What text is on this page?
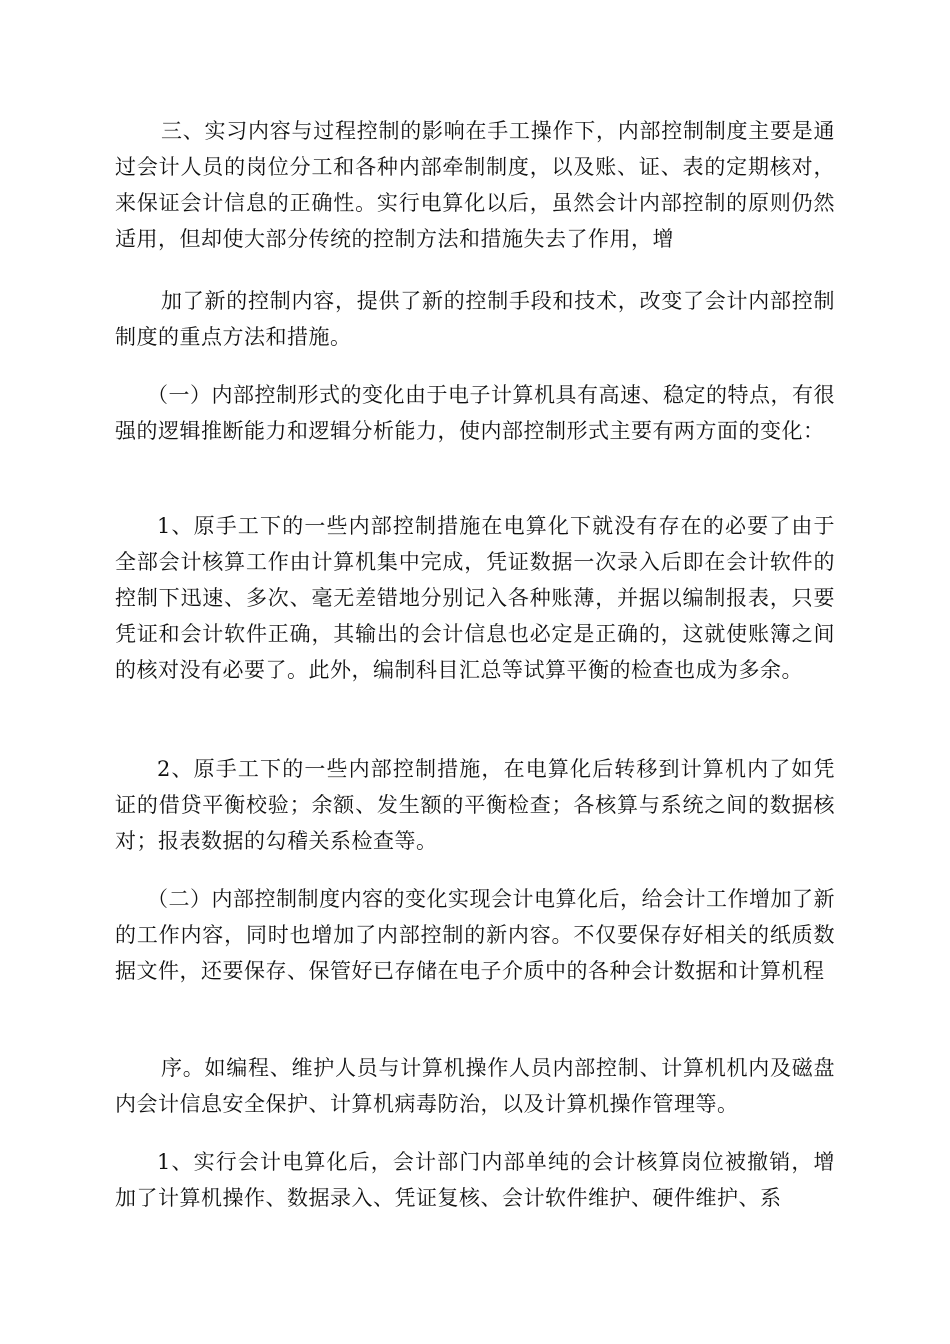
三、实习内容与过程控制的影响在手工操作下，内部控制制度主要是通过会计人员的岗位分工和各种内部牵制制度，以及账、证、表的定期核对，来保证会计信息的正确性。实行电算化以后，虽然会计内部控制的原则仍然适用，但却使大部分传统的控制方法和措施失去了作用，增

加了新的控制内容，提供了新的控制手段和技术，改变了会计内部控制制度的重点方法和措施。

（一）内部控制形式的变化由于电子计算机具有高速、稳定的特点，有很强的逻辑推断能力和逻辑分析能力，使内部控制形式主要有两方面的变化：

1、原手工下的一些内部控制措施在电算化下就没有存在的必要了由于全部会计核算工作由计算机集中完成，凭证数据一次录入后即在会计软件的控制下迅速、多次、毫无差错地分别记入各种账薄，并据以编制报表，只要凭证和会计软件正确，其输出的会计信息也必定是正确的，这就使账簿之间的核对没有必要了。此外，编制科目汇总等试算平衡的检查也成为多余。

2、原手工下的一些内部控制措施，在电算化后转移到计算机内了如凭证的借贷平衡校验；余额、发生额的平衡检查；各核算与系统之间的数据核对；报表数据的勾稽关系检查等。

（二）内部控制制度内容的变化实现会计电算化后，给会计工作增加了新的工作内容，同时也增加了内部控制的新内容。不仅要保存好相关的纸质数据文件，还要保存、保管好已存储在电子介质中的各种会计数据和计算机程

序。如编程、维护人员与计算机操作人员内部控制、计算机机内及磁盘内会计信息安全保护、计算机病毒防治，以及计算机操作管理等。

1、实行会计电算化后，会计部门内部单纯的会计核算岗位被撤销，增加了计算机操作、数据录入、凭证复核、会计软件维护、硬件维护、系
